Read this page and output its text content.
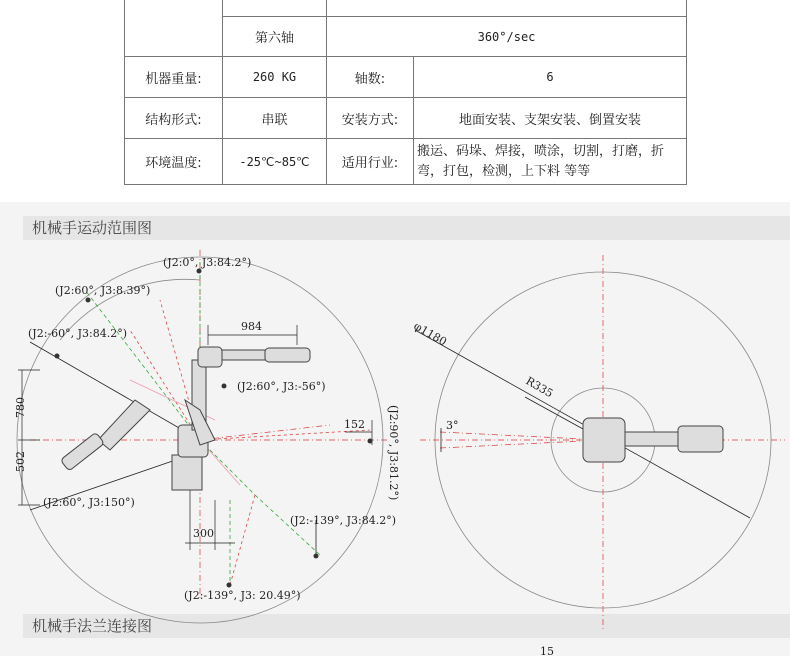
	第六轴	360°/sec	
机器重量:	260 KG	轴数:	6
结构形式:	串联	安装方式:	地面安装、支架安装、倒置安装
环境温度:	-25℃~85℃	适用行业:	搬运、码垛、焊接，喷涂，切割，打磨，折弯，打包，检测，上下料 等等
机械手运动范围图
机械手法兰连接图
(J2:0°, J3:84.2°)
(J2:60°, J3:8.39°)
(J2:-60°, J3:84.2°)
(J2:60°, J3:-56°)
(J2:60°, J3:150°)
(J2:-139°, J3:84.2°)
(J2:-139°, J3: 20.49°)
984
152
300
780
502	(J2:90°, J3:81.2°)
φ1180
R335
3°
15
